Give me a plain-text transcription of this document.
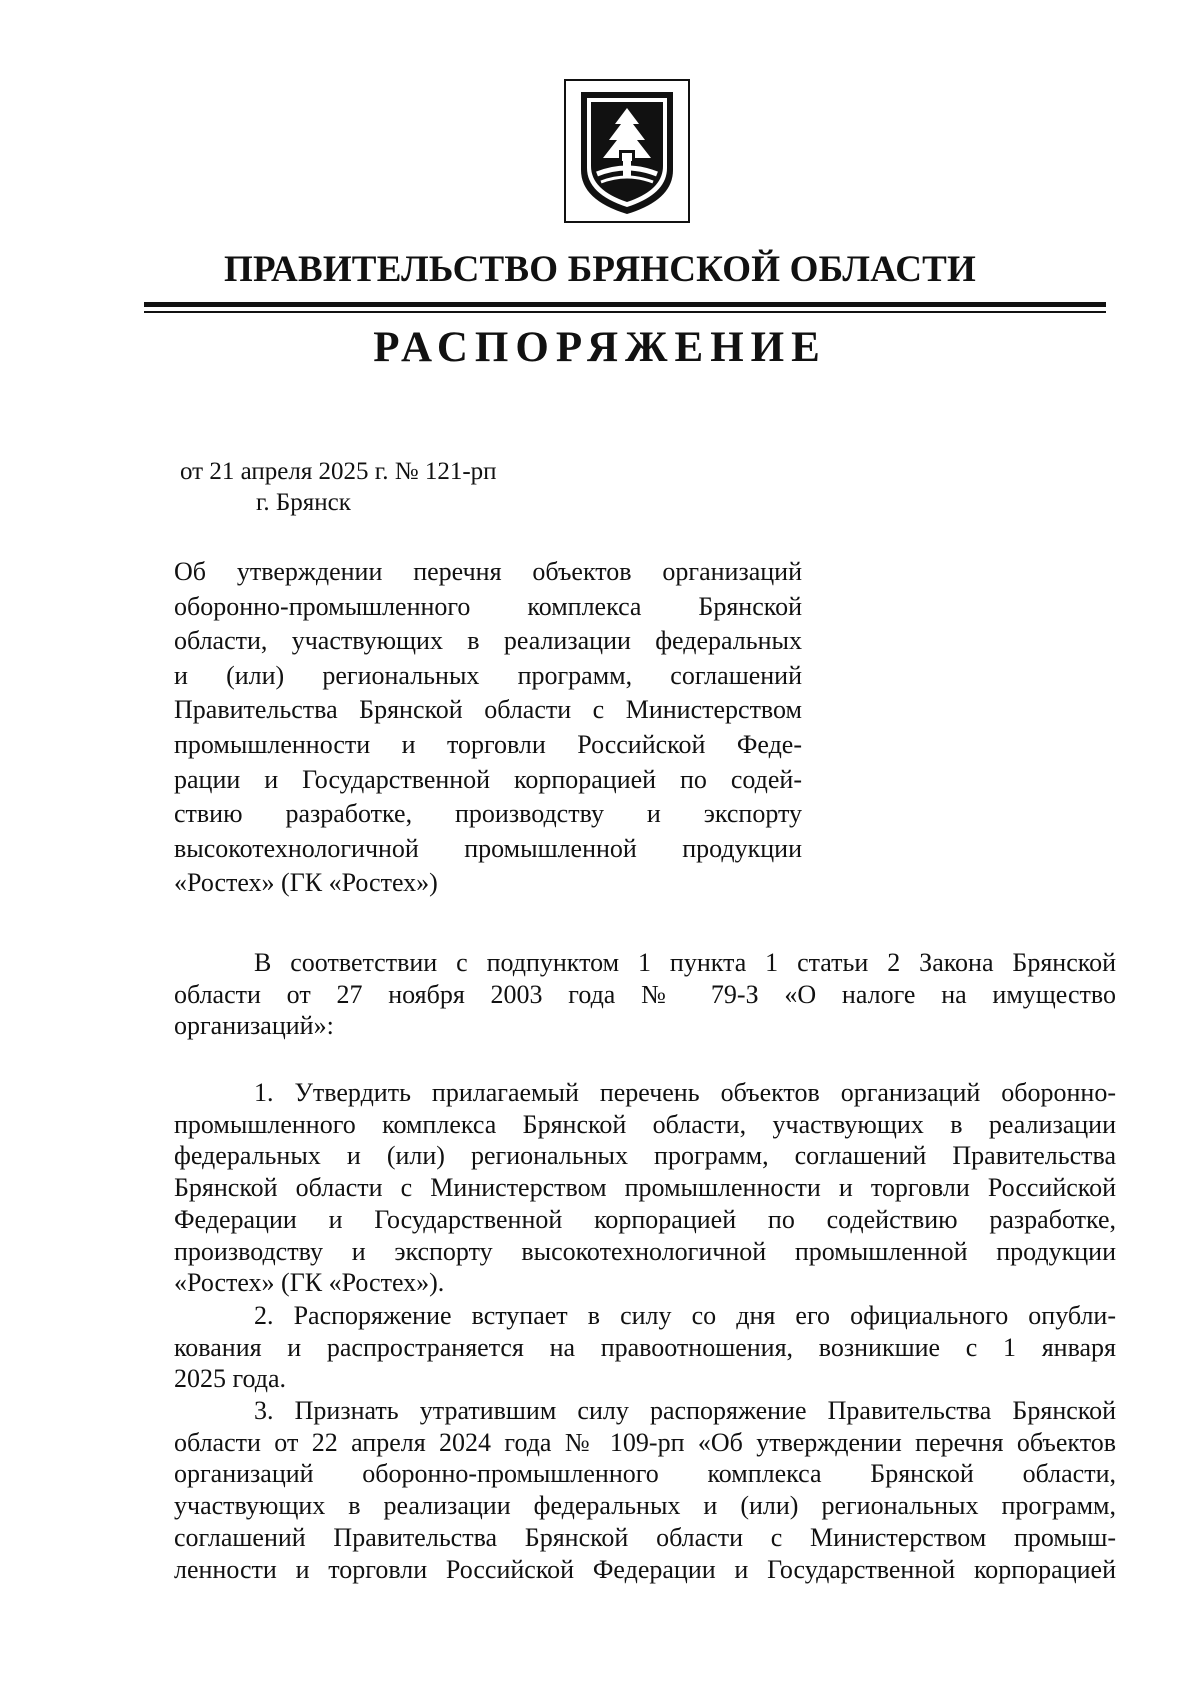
ПРАВИТЕЛЬСТВО БРЯНСКОЙ ОБЛАСТИ
РАСПОРЯЖЕНИЕ
от 21 апреля 2025 г. № 121-рп
г. Брянск
Об утверждении перечня объектов организаций
оборонно-промышленного комплекса Брянской
области, участвующих в реализации федеральных
и (или) региональных программ, соглашений
Правительства Брянской области с Министерством
промышленности и торговли Российской Феде-
рации и Государственной корпорацией по содей-
ствию разработке, производству и экспорту
высокотехнологичной промышленной продукции
«Ростех» (ГК «Ростех»)
В соответствии с подпунктом 1 пункта 1 статьи 2 Закона Брянской
области от 27 ноября 2003 года № 79-З «О налоге на имущество
организаций»:
1. Утвердить прилагаемый перечень объектов организаций оборонно-
промышленного комплекса Брянской области, участвующих в реализации
федеральных и (или) региональных программ, соглашений Правительства
Брянской области с Министерством промышленности и торговли Российской
Федерации и Государственной корпорацией по содействию разработке,
производству и экспорту высокотехнологичной промышленной продукции
«Ростех» (ГК «Ростех»).
2. Распоряжение вступает в силу со дня его официального опубли-
кования и распространяется на правоотношения, возникшие с 1 января
2025 года.
3. Признать утратившим силу распоряжение Правительства Брянской
области от 22 апреля 2024 года № 109-рп «Об утверждении перечня объектов
организаций оборонно-промышленного комплекса Брянской области,
участвующих в реализации федеральных и (или) региональных программ,
соглашений Правительства Брянской области с Министерством промыш-
ленности и торговли Российской Федерации и Государственной корпорацией
